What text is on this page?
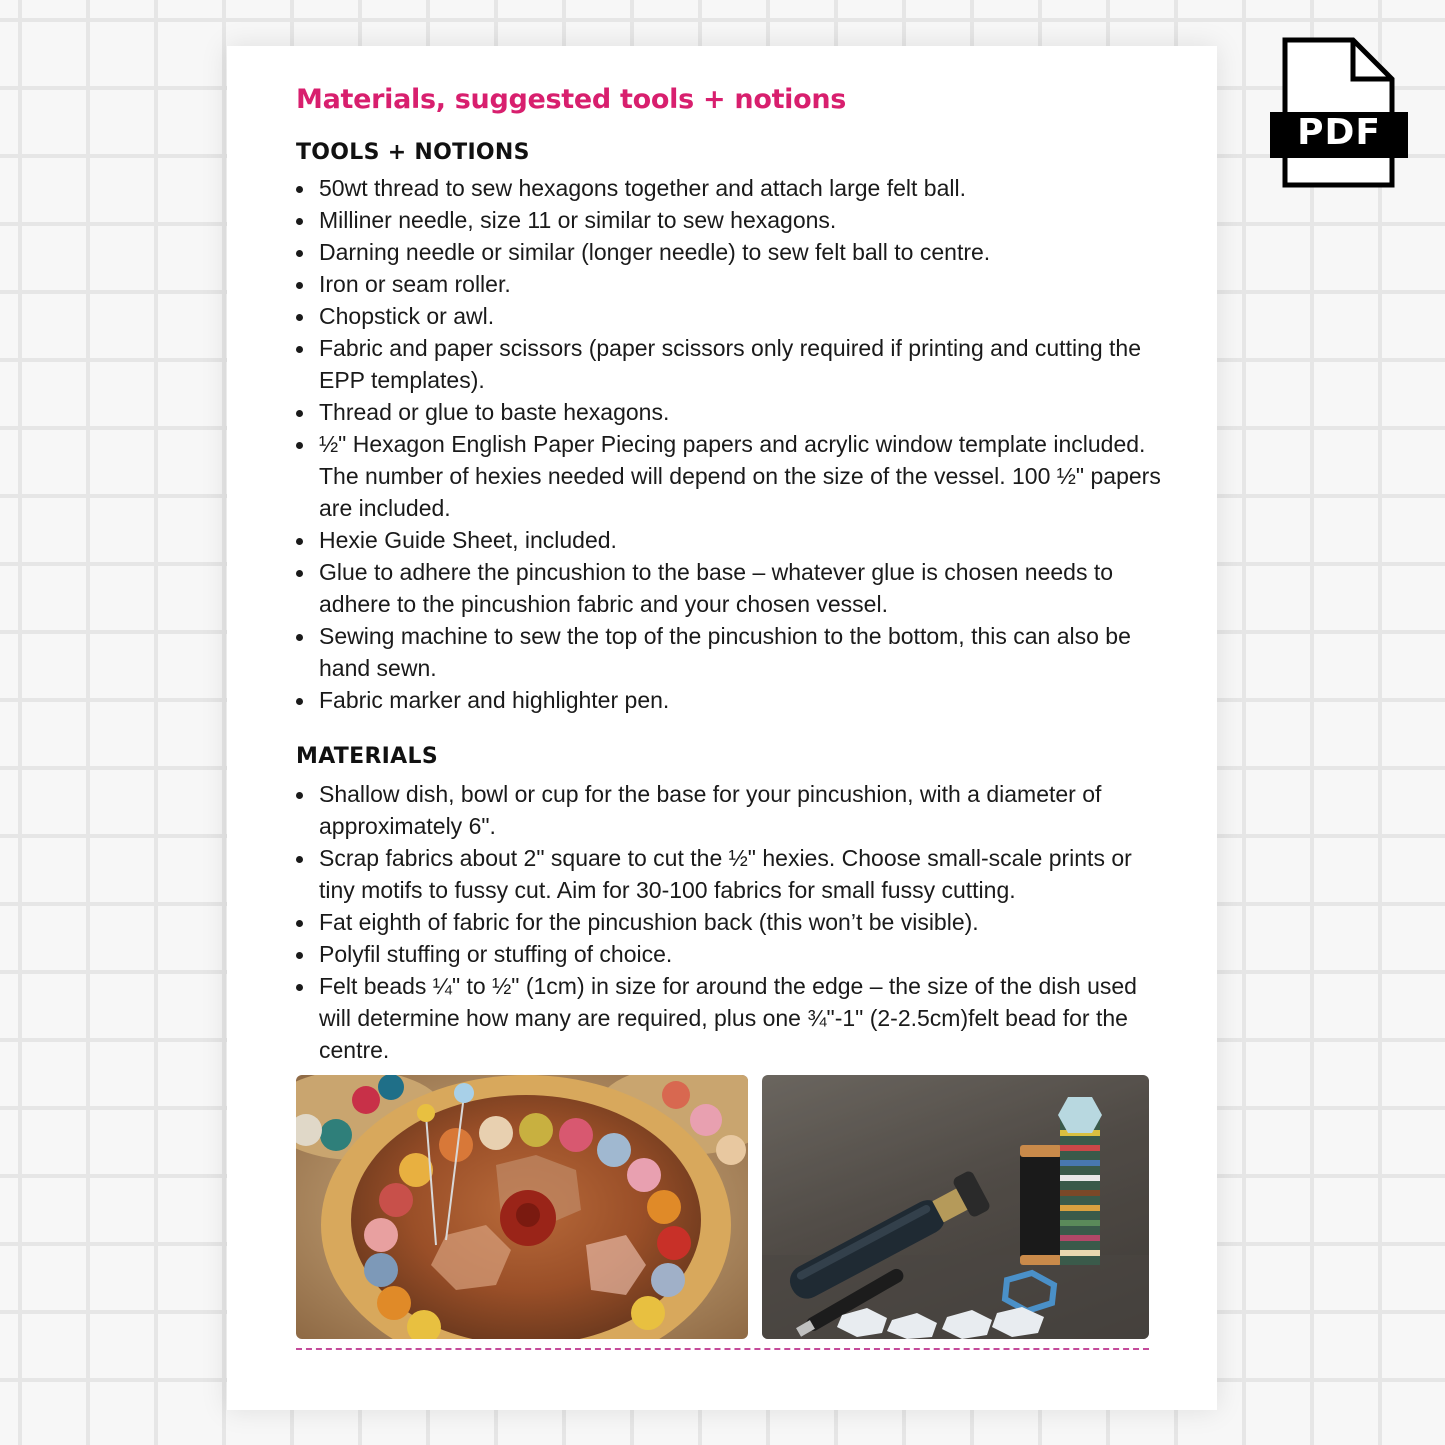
Materials, suggested tools + notions
TOOLS + NOTIONS
50wt thread to sew hexagons together and attach large felt ball.
Milliner needle, size 11 or similar to sew hexagons.
Darning needle or similar (longer needle) to sew felt ball to centre.
Iron or seam roller.
Chopstick or awl.
Fabric and paper scissors (paper scissors only required if printing and cutting the EPP templates).
Thread or glue to baste hexagons.
½" Hexagon English Paper Piecing papers and acrylic window template included. The number of hexies needed will depend on the size of the vessel. 100 ½" papers are included.
Hexie Guide Sheet, included.
Glue to adhere the pincushion to the base – whatever glue is chosen needs to adhere to the pincushion fabric and your chosen vessel.
Sewing machine to sew the top of the pincushion to the bottom, this can also be hand sewn.
Fabric marker and highlighter pen.
MATERIALS
Shallow dish, bowl or cup for the base for your pincushion, with a diameter of approximately 6".
Scrap fabrics about 2" square to cut the ½" hexies. Choose small-scale prints or tiny motifs to fussy cut. Aim for 30-100 fabrics for small fussy cutting.
Fat eighth of fabric for the pincushion back (this won’t be visible).
Polyfil stuffing or stuffing of choice.
Felt beads ¼" to ½" (1cm) in size for around the edge – the size of the dish used will determine how many are required, plus one ¾"-1" (2-2.5cm)felt bead for the centre.
PDF
